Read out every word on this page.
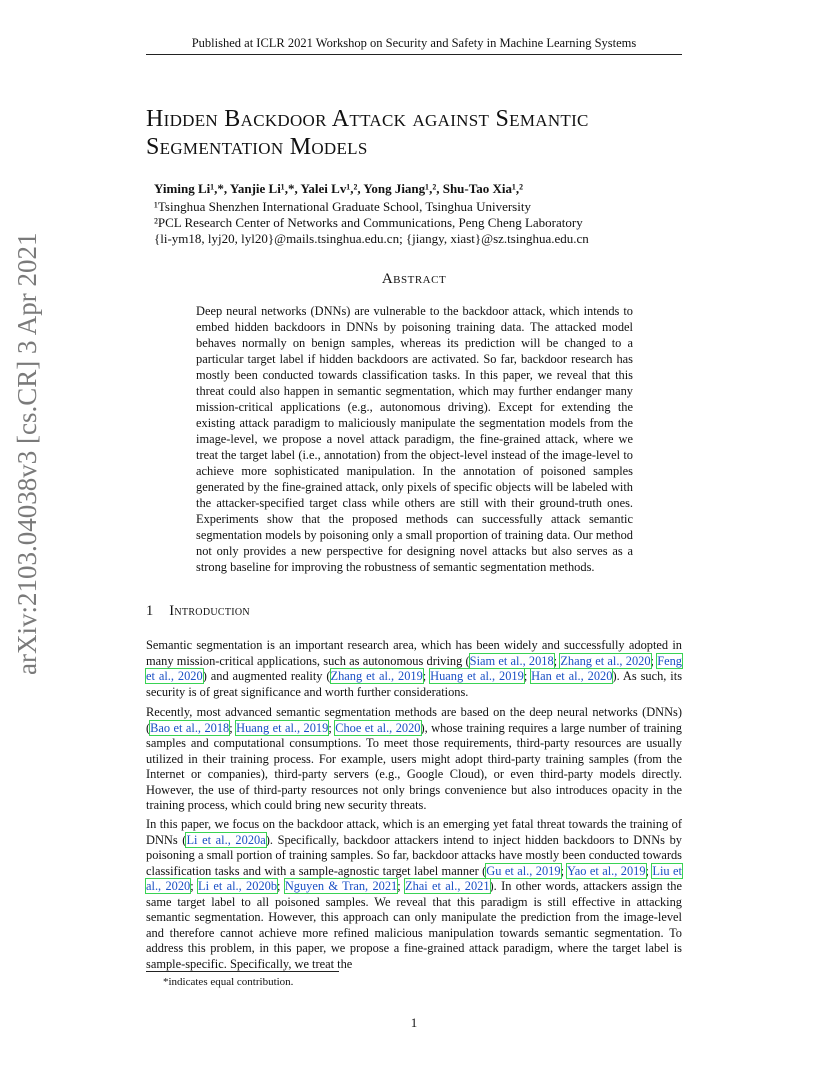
Published at ICLR 2021 Workshop on Security and Safety in Machine Learning Systems
arXiv:2103.04038v3 [cs.CR] 3 Apr 2021
Hidden Backdoor Attack against Semantic
Segmentation Models
Yiming Li¹,*, Yanjie Li¹,*, Yalei Lv¹,², Yong Jiang¹,², Shu-Tao Xia¹,²
¹Tsinghua Shenzhen International Graduate School, Tsinghua University
²PCL Research Center of Networks and Communications, Peng Cheng Laboratory
{li-ym18, lyj20, lyl20}@mails.tsinghua.edu.cn; {jiangy, xiast}@sz.tsinghua.edu.cn
Abstract
Deep neural networks (DNNs) are vulnerable to the backdoor attack, which intends to embed hidden backdoors in DNNs by poisoning training data. The attacked model behaves normally on benign samples, whereas its prediction will be changed to a particular target label if hidden backdoors are activated. So far, backdoor research has mostly been conducted towards classification tasks. In this paper, we reveal that this threat could also happen in semantic segmentation, which may further endanger many mission-critical applications (e.g., autonomous driving). Except for extending the existing attack paradigm to maliciously manipulate the segmentation models from the image-level, we propose a novel attack paradigm, the fine-grained attack, where we treat the target label (i.e., annotation) from the object-level instead of the image-level to achieve more sophisticated manipulation. In the annotation of poisoned samples generated by the fine-grained attack, only pixels of specific objects will be labeled with the attacker-specified target class while others are still with their ground-truth ones. Experiments show that the proposed methods can successfully attack semantic segmentation models by poisoning only a small proportion of training data. Our method not only provides a new perspective for designing novel attacks but also serves as a strong baseline for improving the robustness of semantic segmentation methods.
1 Introduction
Semantic segmentation is an important research area, which has been widely and successfully adopted in many mission-critical applications, such as autonomous driving (Siam et al., 2018; Zhang et al., 2020; Feng et al., 2020) and augmented reality (Zhang et al., 2019; Huang et al., 2019; Han et al., 2020). As such, its security is of great significance and worth further considerations.
Recently, most advanced semantic segmentation methods are based on the deep neural networks (DNNs) (Bao et al., 2018; Huang et al., 2019; Choe et al., 2020), whose training requires a large number of training samples and computational consumptions. To meet those requirements, third-party resources are usually utilized in their training process. For example, users might adopt third-party training samples (from the Internet or companies), third-party servers (e.g., Google Cloud), or even third-party models directly. However, the use of third-party resources not only brings convenience but also introduces opacity in the training process, which could bring new security threats.
In this paper, we focus on the backdoor attack, which is an emerging yet fatal threat towards the training of DNNs (Li et al., 2020a). Specifically, backdoor attackers intend to inject hidden backdoors to DNNs by poisoning a small portion of training samples. So far, backdoor attacks have mostly been conducted towards classification tasks and with a sample-agnostic target label manner (Gu et al., 2019; Yao et al., 2019; Liu et al., 2020; Li et al., 2020b; Nguyen & Tran, 2021; Zhai et al., 2021). In other words, attackers assign the same target label to all poisoned samples. We reveal that this paradigm is still effective in attacking semantic segmentation. However, this approach can only manipulate the prediction from the image-level and therefore cannot achieve more refined malicious manipulation towards semantic segmentation. To address this problem, in this paper, we propose a fine-grained attack paradigm, where the target label is sample-specific. Specifically, we treat the
*indicates equal contribution.
1
